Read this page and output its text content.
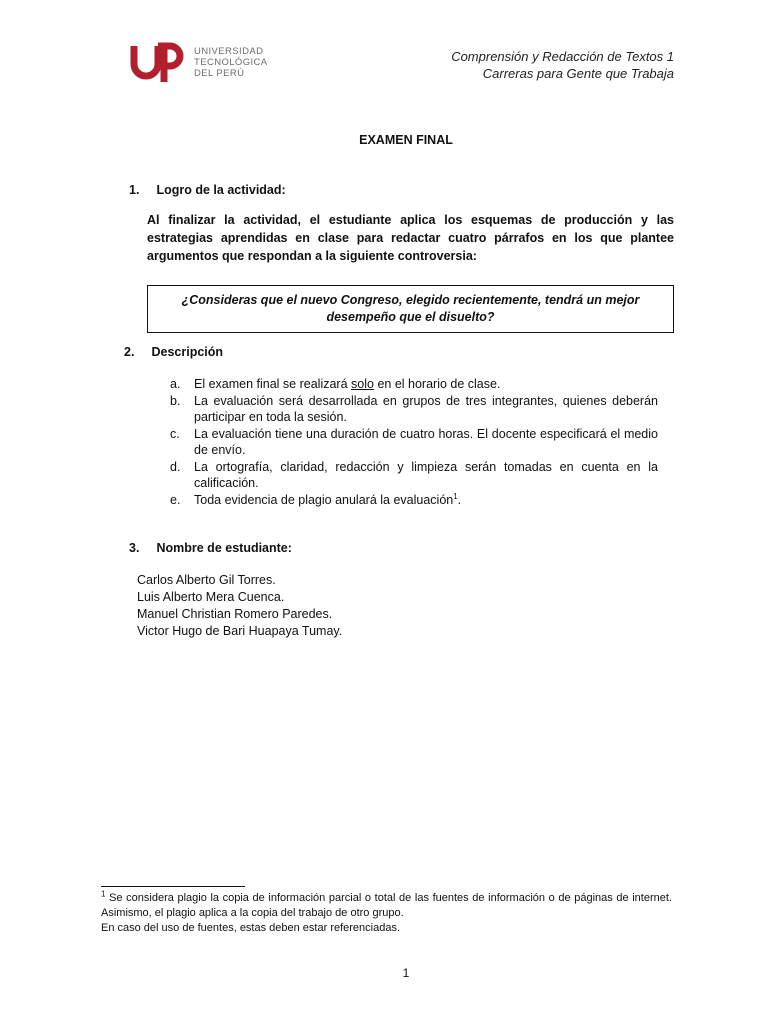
UNIVERSIDAD
TECNOLÓGICA
DEL PERÚ
Comprensión y Redacción de Textos 1
Carreras para Gente que Trabaja
EXAMEN FINAL
1. Logro de la actividad:
Al finalizar la actividad, el estudiante aplica los esquemas de producción y las estrategias aprendidas en clase para redactar cuatro párrafos en los que plantee argumentos que respondan a la siguiente controversia:
¿Consideras que el nuevo Congreso, elegido recientemente, tendrá un mejor desempeño que el disuelto?
2. Descripción
a.	El examen final se realizará solo en el horario de clase.
b.	La evaluación será desarrollada en grupos de tres integrantes, quienes deberán participar en toda la sesión.
c.	La evaluación tiene una duración de cuatro horas. El docente especificará el medio de envío.
d.	La ortografía, claridad, redacción y limpieza serán tomadas en cuenta en la calificación.
e.	Toda evidencia de plagio anulará la evaluación$^1$.
3. Nombre de estudiante:
Carlos Alberto Gil Torres.
Luis Alberto Mera Cuenca.
Manuel Christian Romero Paredes.
Victor Hugo de Bari Huapaya Tumay.
$^1$ Se considera plagio la copia de información parcial o total de las fuentes de información o de páginas de internet. Asimismo, el plagio aplica a la copia del trabajo de otro grupo.
En caso del uso de fuentes, estas deben estar referenciadas.
1
